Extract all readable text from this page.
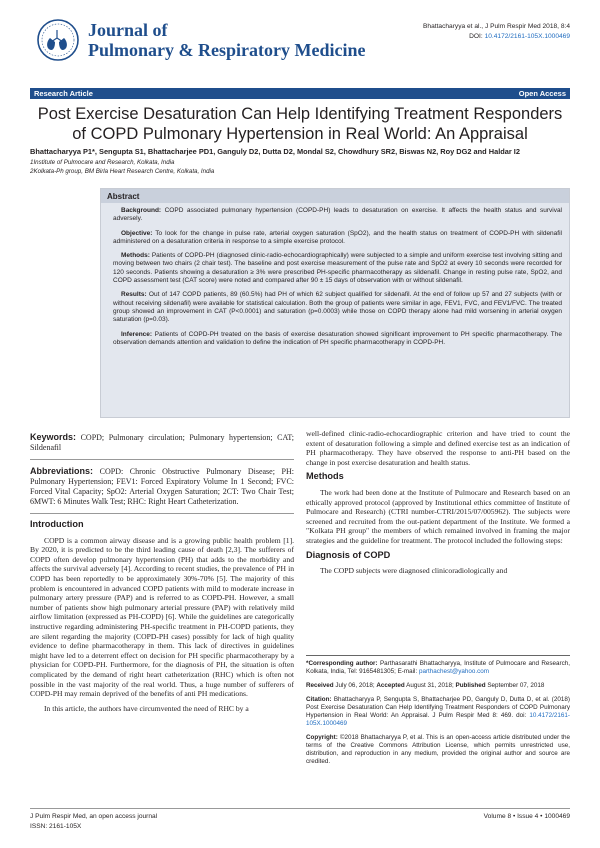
Journal of
Pulmonary & Respiratory Medicine
Bhattacharyya et al., J Pulm Respir Med 2018, 8:4
DOI: 10.4172/2161-105X.1000469
Research Article	Open Access
Post Exercise Desaturation Can Help Identifying Treatment Responders of COPD Pulmonary Hypertension in Real World: An Appraisal
Bhattacharyya P1*, Sengupta S1, Bhattacharjee PD1, Ganguly D2, Dutta D2, Mondal S2, Chowdhury SR2, Biswas N2, Roy DG2 and Haldar I2
1Institute of Pulmocare and Research, Kolkata, India
2Kolkata-Ph group, BM Birla Heart Research Centre, Kolkata, India
Abstract

Background: COPD associated pulmonary hypertension (COPD-PH) leads to desaturation on exercise. It affects the health status and survival adversely.

Objective: To look for the change in pulse rate, arterial oxygen saturation (SpO2), and the health status on treatment of COPD-PH with sildenafil administered on a desaturation criteria in response to a simple exercise protocol.

Methods: Patients of COPD-PH (diagnosed clinic-radio-echocardiographically) were subjected to a simple and uniform exercise test involving sitting and moving between two chairs (2 chair test). The baseline and post exercise measurement of the pulse rate and SpO2 at every 10 seconds were recorded for 120 seconds. Patients showing a desaturation ≥ 3% were prescribed PH-specific pharmacotherapy as sildenafil. Change in resting pulse rate, SpO2, and COPD assessment test (CAT score) were noted and compared after 90 ± 15 days of observation with or without sildenafil.

Results: Out of 147 COPD patients, 89 (60.5%) had PH of which 62 subject qualified for sildenafil. At the end of follow up 57 and 27 subjects (with or without receiving sildenafil) were available for statistical calculation. Both the group of patients were similar in age, FEV1, FVC, and FEV1/FVC. The treated group showed an improvement in CAT (P<0.0001) and saturation (p=0.0003) while those on COPD therapy alone had mild worsening in arterial oxygen saturation (p=0.03).

Inference: Patients of COPD-PH treated on the basis of exercise desaturation showed significant improvement to PH specific pharmacotherapy. The observation demands attention and validation to define the indication of PH specific pharmacotherapy in COPD-PH.

Keywords: COPD; Pulmonary circulation; Pulmonary hypertension; CAT; Sildenafil
Abbreviations: COPD: Chronic Obstructive Pulmonary Disease; PH: Pulmonary Hypertension; FEV1: Forced Expiratory Volume In 1 Second; FVC: Forced Vital Capacity; SpO2: Arterial Oxygen Saturation; 2CT: Two Chair Test; 6MWT: 6 Minutes Walk Test; RHC: Right Heart Catheterization.
Introduction

COPD is a common airway disease and is a growing public health problem [1]. By 2020, it is predicted to be the third leading cause of death [2,3]. The sufferers of COPD often develop pulmonary hypertension (PH) that adds to the morbidity and affects the survival adversely [4]. According to recent studies, the prevalence of PH in COPD has been reportedly to be approximately 30%-70% [5]. The majority of this problem is encountered in advanced COPD patients with mild to moderate increase in pulmonary artery pressure (PAP) and is referred to as COPD-PH. However, a small number of patients show high pulmonary arterial pressure (PAP) with relatively mild airflow limitation (expressed as PH-COPD) [6]. While the guidelines are categorically instructive regarding administering PH-specific treatment in PH-COPD patients, they are silent regarding the majority (COPD-PH cases) possibly for lack of high quality evidence to define pharmacotherapy in them. This lack of directives in guidelines might have led to a deterrent effect on decision for PH specific pharmacotherapy by a physician for COPD-PH. Furthermore, for the diagnosis of PH, the situation is often complicated by the demand of right heart catheterization (RHC) which is often not possible in the vast majority of the real world. Thus, a huge number of sufferers of COPD-PH may remain deprived of the benefits of anti PH medications.

In this article, the authors have circumvented the need of RHC by a

well-defined clinic-radio-echocardiographic criterion and have tried to count the extent of desaturation following a simple and defined exercise test as an indication of PH pharmacotherapy. They have observed the response to anti-PH based on the change in post exercise desaturation and health status.

Methods

The work had been done at the Institute of Pulmocare and Research based on an ethically approved protocol (approved by Institutional ethics committee of Institute of Pulmocare and Research) (CTRI number-CTRI/2015/07/005962). The subjects were screened and recruited from the out-patient department of the Institute. We formed a "Kolkata PH group" the members of which remained involved in framing the major strategies and the guideline for treatment. The protocol included the following steps:

Diagnosis of COPD

The COPD subjects were diagnosed clinicoradiologically and

*Corresponding author: Parthasarathi Bhattacharyya, Institute of Pulmocare and Research, Kolkata, India, Tel: 9165481305; E-mail: parthachest@yahoo.com

Received July 06, 2018; Accepted August 31, 2018; Published September 07, 2018

Citation: Bhattacharyya P, Sengupta S, Bhattacharjee PD, Ganguly D, Dutta D, et al. (2018) Post Exercise Desaturation Can Help Identifying Treatment Responders of COPD Pulmonary Hypertension in Real World: An Appraisal. J Pulm Respir Med 8: 469. doi: 10.4172/2161-105X.1000469

Copyright: ©2018 Bhattacharyya P, et al. This is an open-access article distributed under the terms of the Creative Commons Attribution License, which permits unrestricted use, distribution, and reproduction in any medium, provided the original author and source are credited.

J Pulm Respir Med, an open access journal
ISSN: 2161-105X
Volume 8 • Issue 4 • 1000469
